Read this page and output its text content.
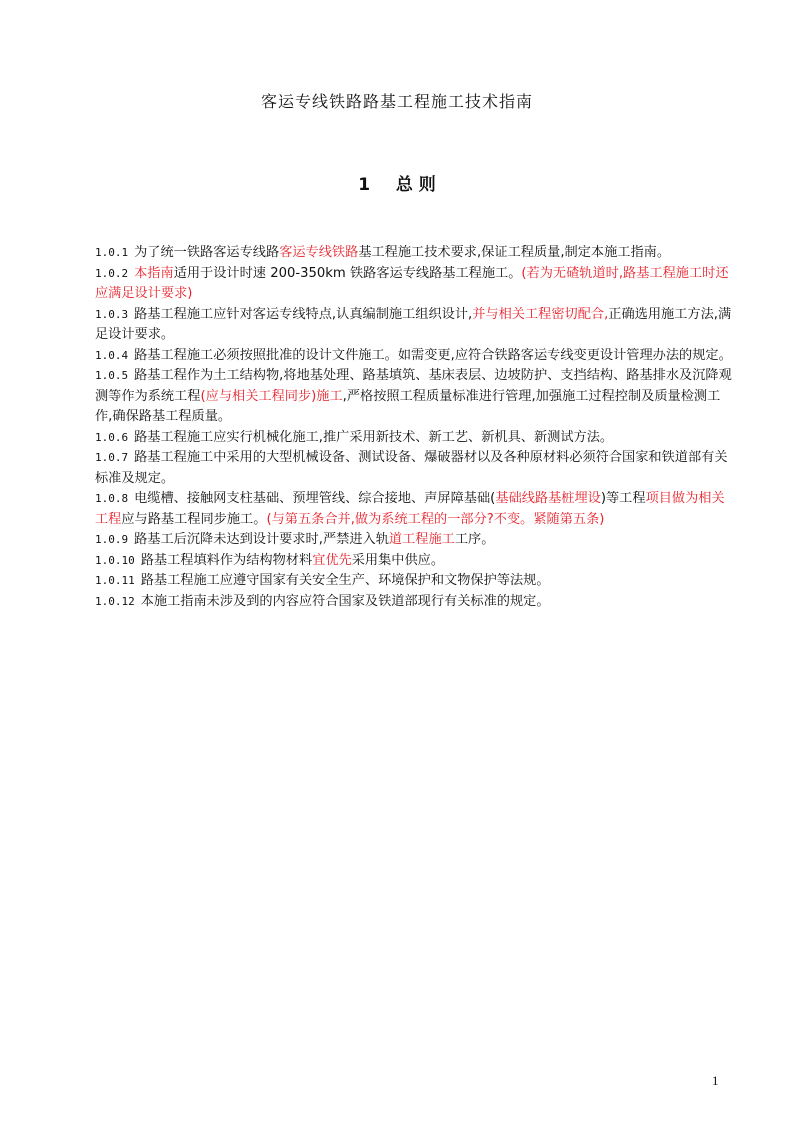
客运专线铁路路基工程施工技术指南
1 总 则

1.0.1 为了统一铁路客运专线路客运专线铁路基工程施工技术要求,保证工程质量,制定本施工指南。

1.0.2 本指南适用于设计时速 200-350km 铁路客运专线路基工程施工。(若为无碴轨道时,路基工程施工时还应满足设计要求)

1.0.3 路基工程施工应针对客运专线特点,认真编制施工组织设计,并与相关工程密切配合,正确选用施工方法,满足设计要求。

1.0.4 路基工程施工必须按照批准的设计文件施工。如需变更,应符合铁路客运专线变更设计管理办法的规定。

1.0.5 路基工程作为土工结构物,将地基处理、路基填筑、基床表层、边坡防护、支挡结构、路基排水及沉降观测等作为系统工程(应与相关工程同步)施工,严格按照工程质量标准进行管理,加强施工过程控制及质量检测工作,确保路基工程质量。

1.0.6 路基工程施工应实行机械化施工,推广采用新技术、新工艺、新机具、新测试方法。

1.0.7 路基工程施工中采用的大型机械设备、测试设备、爆破器材以及各种原材料必须符合国家和铁道部有关标准及规定。

1.0.8 电缆槽、接触网支柱基础、预埋管线、综合接地、声屏障基础(基础线路基桩埋设)等工程项目做为相关工程应与路基工程同步施工。(与第五条合并,做为系统工程的一部分?不变。紧随第五条)

1.0.9 路基工后沉降未达到设计要求时,严禁进入轨道工程施工工序。

1.0.10 路基工程填料作为结构物材料宜优先采用集中供应。

1.0.11 路基工程施工应遵守国家有关安全生产、环境保护和文物保护等法规。

1.0.12 本施工指南未涉及到的内容应符合国家及铁道部现行有关标准的规定。

1
